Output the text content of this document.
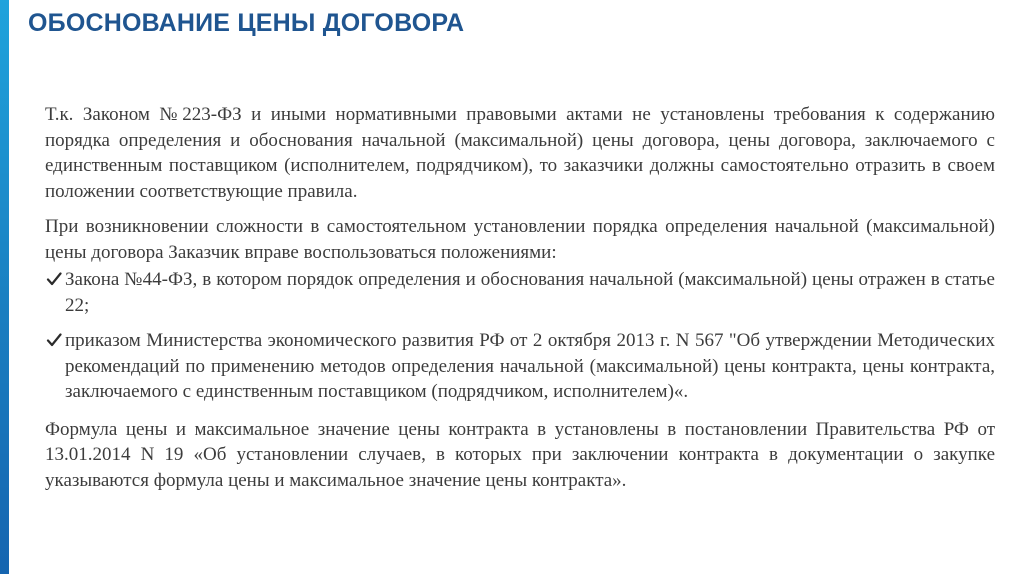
ОБОСНОВАНИЕ ЦЕНЫ ДОГОВОРА

Т.к. Законом №223-ФЗ и иными нормативными правовыми актами не установлены требования к содержанию порядка определения и обоснования начальной (максимальной) цены договора, цены договора, заключаемого с единственным поставщиком (исполнителем, подрядчиком), то заказчики должны самостоятельно отразить в своем положении соответствующие правила.

При возникновении сложности в самостоятельном установлении порядка определения начальной (максимальной) цены договора Заказчик вправе воспользоваться положениями:

Закона №44-ФЗ, в котором порядок определения и обоснования начальной (максимальной) цены отражен в статье 22;
приказом Министерства экономического развития РФ от 2 октября 2013 г. N 567 "Об утверждении Методических рекомендаций по применению методов определения начальной (максимальной) цены контракта, цены контракта, заключаемого с единственным поставщиком (подрядчиком, исполнителем)«.

Формула цены и максимальное значение цены контракта в установлены в постановлении Правительства РФ от 13.01.2014 N 19 «Об установлении случаев, в которых при заключении контракта в документации о закупке указываются формула цены и максимальное значение цены контракта».
